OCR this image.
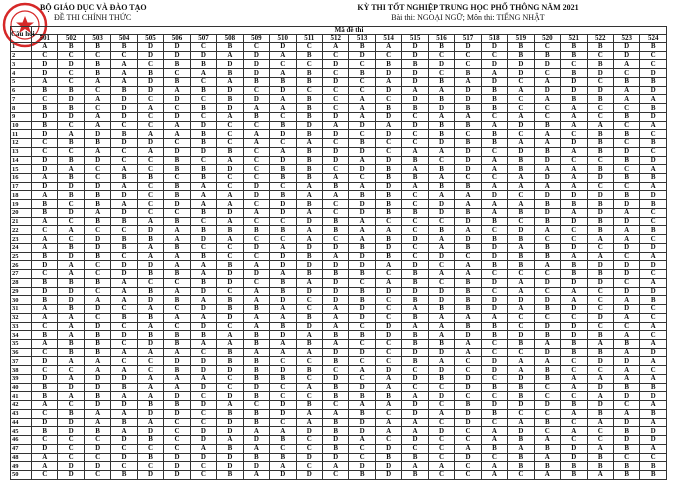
BỘ GIÁO DỤC VÀ ĐÀO TẠO
ĐỀ THI CHÍNH THỨC
KỲ THI TỐT NGHIỆP TRUNG HỌC PHỔ THÔNG NĂM 2021
Bài thi: NGOẠI NGỮ; Môn thi: TIẾNG NHẬT
Câu hỏi	Mã đề thi																							
	501	502	503	504	505	506	507	508	509	510	511	512	513	514	515	516	517	518	519	520	521	522	523	524
1	A	B	B	B	D	D	C	B	C	D	C	A	B	A	D	B	D	D	B	C	B	B	D	B
2	C	C	C	C	D	D	D	A	D	A	B	C	D	C	D	C	C	C	B	B	B	C	D	C
3	D	D	B	A	C	B	B	D	D	C	C	D	C	B	B	D	C	D	D	D	C	B	A	C
4	D	C	B	A	B	C	A	B	D	A	B	C	B	D	D	C	B	A	D	C	B	D	C	D
5	A	C	A	A	D	B	C	A	B	B	B	D	C	A	D	B	A	D	C	A	D	C	B	B
6	B	B	C	B	D	A	B	D	C	D	C	C	C	D	A	A	D	B	A	D	D	D	A	D
7	C	D	A	D	C	D	C	B	D	A	B	C	A	C	D	B	D	B	C	A	B	B	A	A
8	B	B	C	D	A	C	B	D	A	A	B	C	A	B	B	D	B	B	C	C	A	C	C	B
9	D	D	A	D	C	D	C	A	B	C	B	D	A	D	C	A	A	C	A	C	A	C	B	D
10	B	C	A	C	C	A	D	C	C	B	D	A	D	A	D	B	B	A	D	B	A	A	C	A
11	D	A	D	B	A	A	B	C	A	D	B	D	C	D	C	B	C	B	C	A	C	B	B	C
12	C	B	B	D	D	C	B	C	A	C	A	C	B	C	C	D	B	B	A	A	D	B	C	B
13	C	C	A	C	A	D	D	B	C	A	B	D	D	C	A	A	D	C	D	B	A	B	D	C
14	D	B	D	C	C	B	C	A	C	D	B	D	A	D	B	C	D	A	B	D	C	C	B	D
15	D	A	C	A	C	B	B	D	C	B	B	C	D	B	A	B	D	A	B	A	A	B	C	A
16	A	B	C	B	B	C	B	C	C	B	B	A	C	B	B	A	C	C	A	D	A	D	B	B
17	D	D	D	A	C	B	A	C	D	C	A	B	A	D	A	B	B	A	A	A	A	C	C	A
18	A	B	B	D	C	B	A	A	D	B	A	A	B	B	C	A	A	D	C	D	D	D	B	D
19	B	C	B	A	C	D	A	A	C	D	B	C	D	B	C	D	A	A	A	B	B	B	D	B
20	B	D	A	D	C	C	B	D	A	D	A	C	D	B	B	D	B	A	B	D	A	D	A	C
21	A	C	B	B	A	B	C	A	C	C	D	B	A	C	C	C	D	B	C	B	D	B	D	C
22	C	A	C	C	D	A	B	B	B	B	A	B	A	A	C	B	A	C	D	A	C	B	A	B
23	A	C	D	B	B	A	D	A	C	C	A	C	A	B	D	A	D	B	B	C	C	A	A	C
24	A	B	D	B	A	B	C	C	D	A	D	D	B	D	C	A	B	D	A	B	D	C	D	D
25	B	D	B	C	A	A	B	C	C	D	B	A	D	B	C	D	C	D	B	B	A	A	C	A
26	D	A	C	D	D	A	A	B	A	D	D	D	D	A	D	C	A	B	B	A	B	D	D	D
27	C	A	C	D	B	B	A	D	D	A	B	B	B	C	B	A	A	C	C	C	B	B	D	C
28	B	B	B	A	C	C	B	D	C	B	A	D	C	A	B	C	B	D	A	D	D	D	C	A
29	D	D	C	A	B	A	D	C	A	B	D	D	B	D	D	D	B	C	A	C	A	C	D	D
30	B	D	A	A	D	B	A	B	A	D	C	D	B	C	B	D	B	D	D	D	A	C	A	B
31	A	B	D	C	A	C	D	B	B	A	C	A	D	C	A	B	B	D	A	B	D	C	D	C
32	A	A	C	B	B	A	A	D	A	A	B	A	D	C	B	A	A	A	C	C	C	D	A	C
33	C	A	D	C	A	C	D	C	A	B	D	A	C	D	A	A	B	B	C	D	D	C	C	A
34	B	A	B	D	B	B	B	A	B	D	A	B	B	D	B	A	D	B	D	B	D	B	A	C
35	A	B	B	C	D	B	A	A	B	A	B	A	C	C	B	B	A	C	B	A	B	A	B	A
36	C	B	B	A	A	A	C	B	A	A	A	D	D	C	D	D	A	C	C	D	B	B	A	D
37	D	A	A	C	C	D	D	B	B	C	C	B	C	C	B	A	C	D	A	A	C	D	D	A
38	C	C	A	A	C	B	D	D	B	D	B	C	A	D	C	D	C	D	A	B	C	C	A	C
39	D	A	D	D	A	A	A	C	B	B	C	D	C	A	D	B	D	C	D	B	A	A	A	A
40	B	D	D	B	A	A	D	C	D	C	A	B	D	A	C	C	D	B	B	C	A	D	B	B
41	B	A	B	A	A	D	C	D	B	C	C	B	B	B	A	D	C	C	B	C	C	A	D	D
42	A	C	D	D	B	B	D	A	C	D	B	C	A	A	D	C	B	D	D	D	B	D	C	A
43	C	B	A	A	D	D	C	B	B	D	A	A	B	C	D	A	D	B	C	C	A	B	A	B
44	D	D	A	B	A	C	C	D	B	C	A	B	D	A	A	C	D	C	A	B	C	A	D	A
45	B	D	B	A	D	C	D	D	A	A	D	B	D	A	A	D	C	A	D	C	A	C	B	D
46	C	C	C	D	B	C	D	A	D	B	C	D	A	C	D	C	C	A	B	A	C	C	D	D
47	D	C	D	C	C	C	A	B	A	C	C	B	C	D	C	C	A	B	A	B	D	A	B	A
48	A	C	C	D	B	D	D	D	B	B	D	D	C	B	B	C	D	C	B	A	D	B	C	C
49	A	D	D	C	C	D	C	D	D	A	C	A	D	D	A	A	C	A	B	B	B	B	B	B
50	C	D	C	B	D	D	C	B	A	D	D	C	B	D	B	C	C	A	C	A	B	A	B	B
